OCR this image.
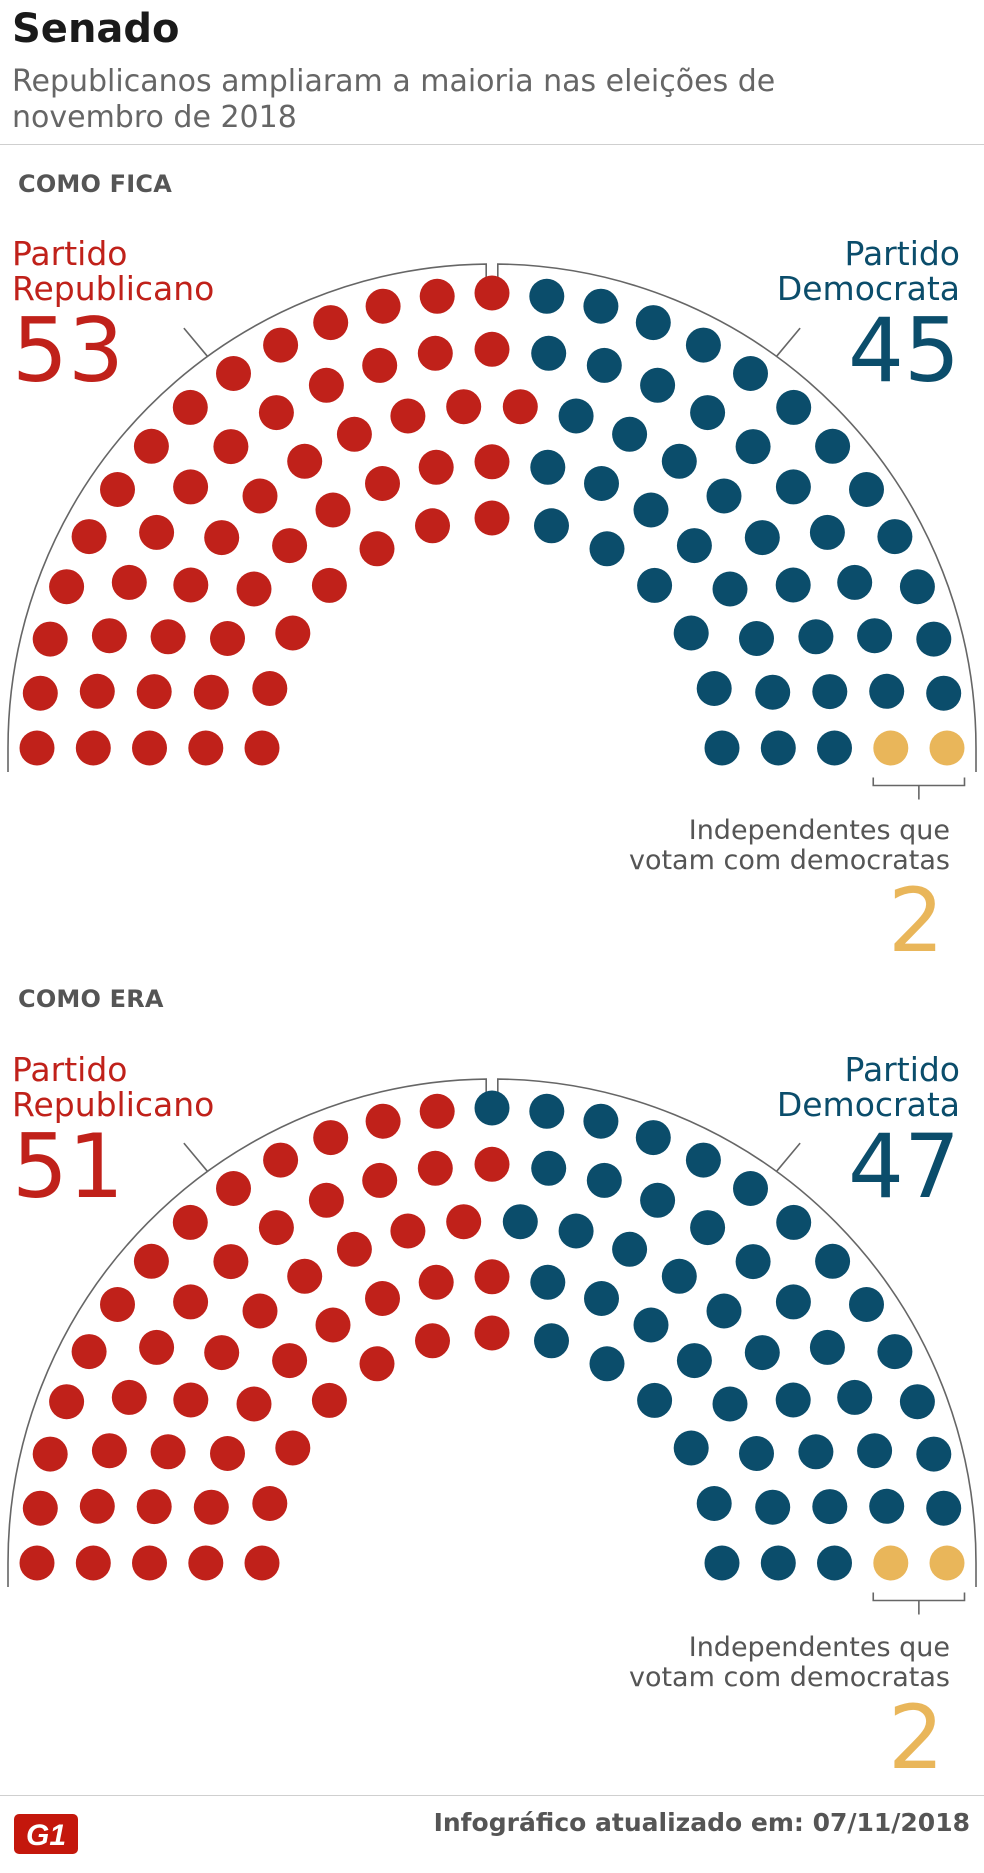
Senado

Republicanos ampliaram a maioria nas eleições de novembro de 2018

COMO FICA
Partido
Republicano
53
Partido
Democrata
45
Independentes que
votam com democratas
2
COMO ERA
Partido
Republicano
51
Partido
Democrata
47
Independentes que
votam com democratas
2
G1	Infográfico atualizado em: 07/11/2018
